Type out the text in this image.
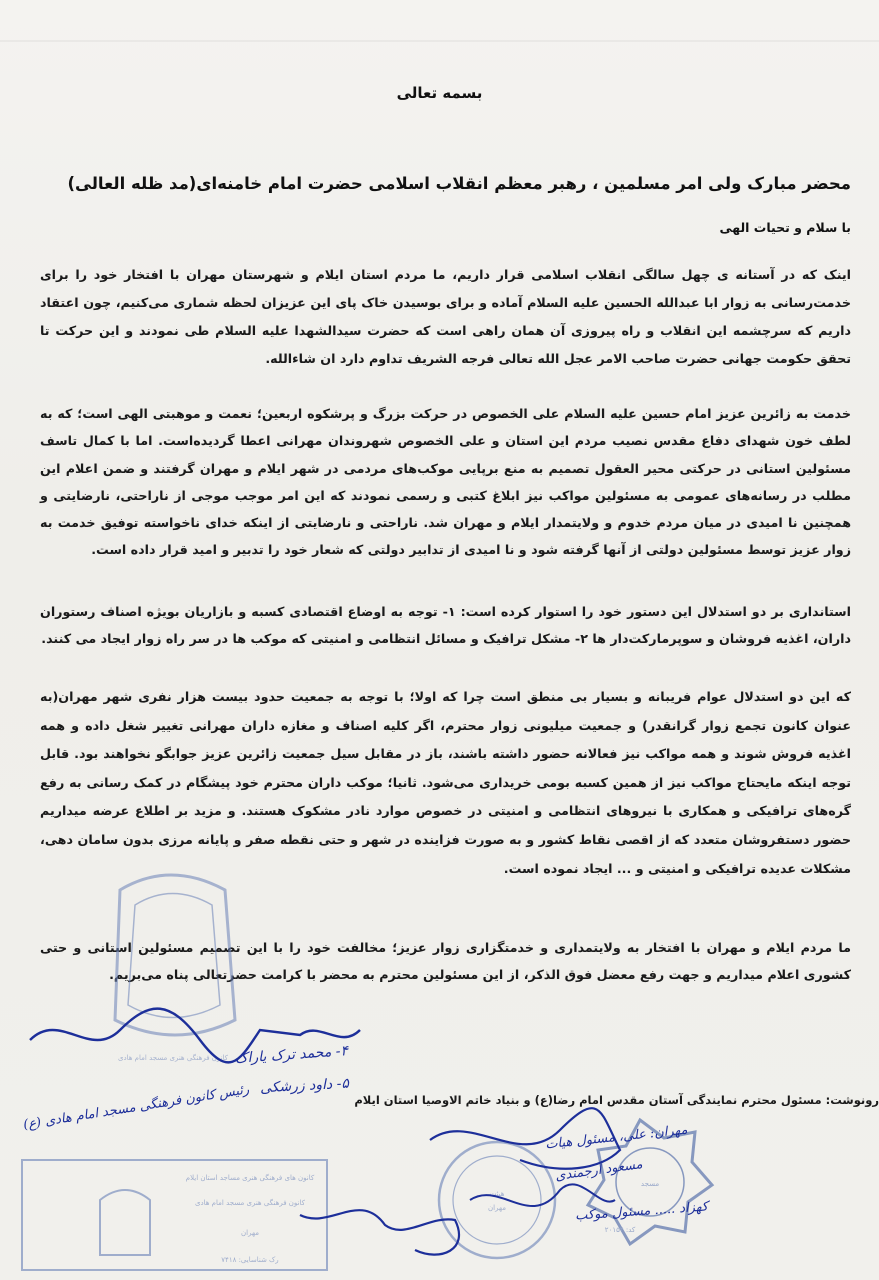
بسمه تعالی
محضر مبارک ولی امر مسلمین ، رهبر معظم انقلاب اسلامی حضرت امام خامنه‌ای(مد ظله العالی)
با سلام و تحیات الهی

اینک که در آستانه ی چهل سالگی انقلاب اسلامی قرار داریم، ما مردم استان ایلام و شهرستان مهران با افتخار خود را برای خدمت‌رسانی به زوار ابا عبدالله الحسین علیه السلام آماده و برای بوسیدن خاک پای این عزیزان لحظه شماری می‌کنیم، چون اعتقاد داریم که سرچشمه این انقلاب و راه پیروزی آن همان راهی است که حضرت سیدالشهدا علیه السلام طی نمودند و این حرکت تا تحقق حکومت جهانی حضرت صاحب الامر عجل الله تعالی فرجه الشریف تداوم دارد ان شاءالله.

خدمت به زائرین عزیز امام حسین علیه السلام علی الخصوص در حرکت بزرگ و پرشکوه اربعین؛ نعمت و موهبتی الهی است؛ که به لطف خون شهدای دفاع مقدس نصیب مردم این استان و علی الخصوص شهروندان مهرانی اعطا گردیده‌است. اما با کمال تاسف مسئولین استانی در حرکتی محیر العقول تصمیم به منع برپایی موکب‌های مردمی در شهر ایلام و مهران گرفتند و ضمن اعلام این مطلب در رسانه‌های عمومی به مسئولین مواکب نیز ابلاغ کتبی و رسمی نمودند که این امر موجب موجی از ناراحتی، نارضایتی و همچنین نا امیدی در میان مردم خدوم و ولایتمدار ایلام و مهران شد. ناراحتی و نارضایتی از اینکه خدای ناخواسته توفیق خدمت به زوار عزیز توسط مسئولین دولتی از آنها گرفته شود و نا امیدی از تدابیر دولتی که شعار خود را تدبیر و امید قرار داده است.

استانداری بر دو استدلال این دستور خود را استوار کرده است: ۱- توجه به اوضاع اقتصادی کسبه و بازاریان بویژه اصناف رستوران داران، اغذیه فروشان و سوپرمارکت‌دار ها ۲- مشکل ترافیک و مسائل انتظامی و امنیتی که موکب ها در سر راه زوار ایجاد می کنند.

که این دو استدلال عوام فریبانه و بسیار بی منطق است چرا که اولا؛ با توجه به جمعیت حدود بیست هزار نفری شهر مهران(به عنوان کانون تجمع زوار گرانقدر) و جمعیت میلیونی زوار محترم، اگر کلیه اصناف و مغازه داران مهرانی تغییر شغل داده و همه اغذیه فروش شوند و همه مواکب نیز فعالانه حضور داشته باشند، باز در مقابل سیل جمعیت زائرین عزیز جوابگو نخواهند بود. قابل توجه اینکه مایحتاج مواکب نیز از همین کسبه بومی خریداری می‌شود. ثانیا؛ موکب داران محترم خود پیشگام در کمک رسانی به رفع گره‌های ترافیکی و همکاری با نیروهای انتظامی و امنیتی در خصوص موارد نادر مشکوک هستند. و مزید بر اطلاع عرضه میداریم حضور دستفروشان متعدد که از اقصی نقاط کشور و به صورت فزاینده در شهر و حتی نقطه صفر و پایانه مرزی بدون سامان دهی، مشکلات عدیده ترافیکی و امنیتی و ... ایجاد نموده است.

ما مردم ایلام و مهران با افتخار به ولایتمداری و خدمتگزاری زوار عزیز؛ مخالفت خود را با این تصمیم مسئولین استانی و حتی کشوری اعلام میداریم و جهت رفع معضل فوق الذکر، از این مسئولین محترم به محضر با کرامت حضرتعالی پناه می‌بریم.

رونوشت: مسئول محترم نمایندگی آستان مقدس امام رضا(ع) و بنیاد خاتم الاوصیا استان ایلام
کانون فرهنگی هنری مسجد امام هادی
کانون های فرهنگی هنری مساجد استان ایلام
کانون فرهنگی هنری مسجد امام هادی
مهران
رک شناسایی: ۷۴۱۸
هیئت
مهران
مسجد
کد: ۲۰۱۵۴
۴- محمد ترک یاراک
۵- داود زرشکی
رئیس کانون فرهنگی مسجد امام هادی (ع)
مهران: علی، مسئول هیات
مسعود ارجمندی
کهزاد ..... مسئول موکب
